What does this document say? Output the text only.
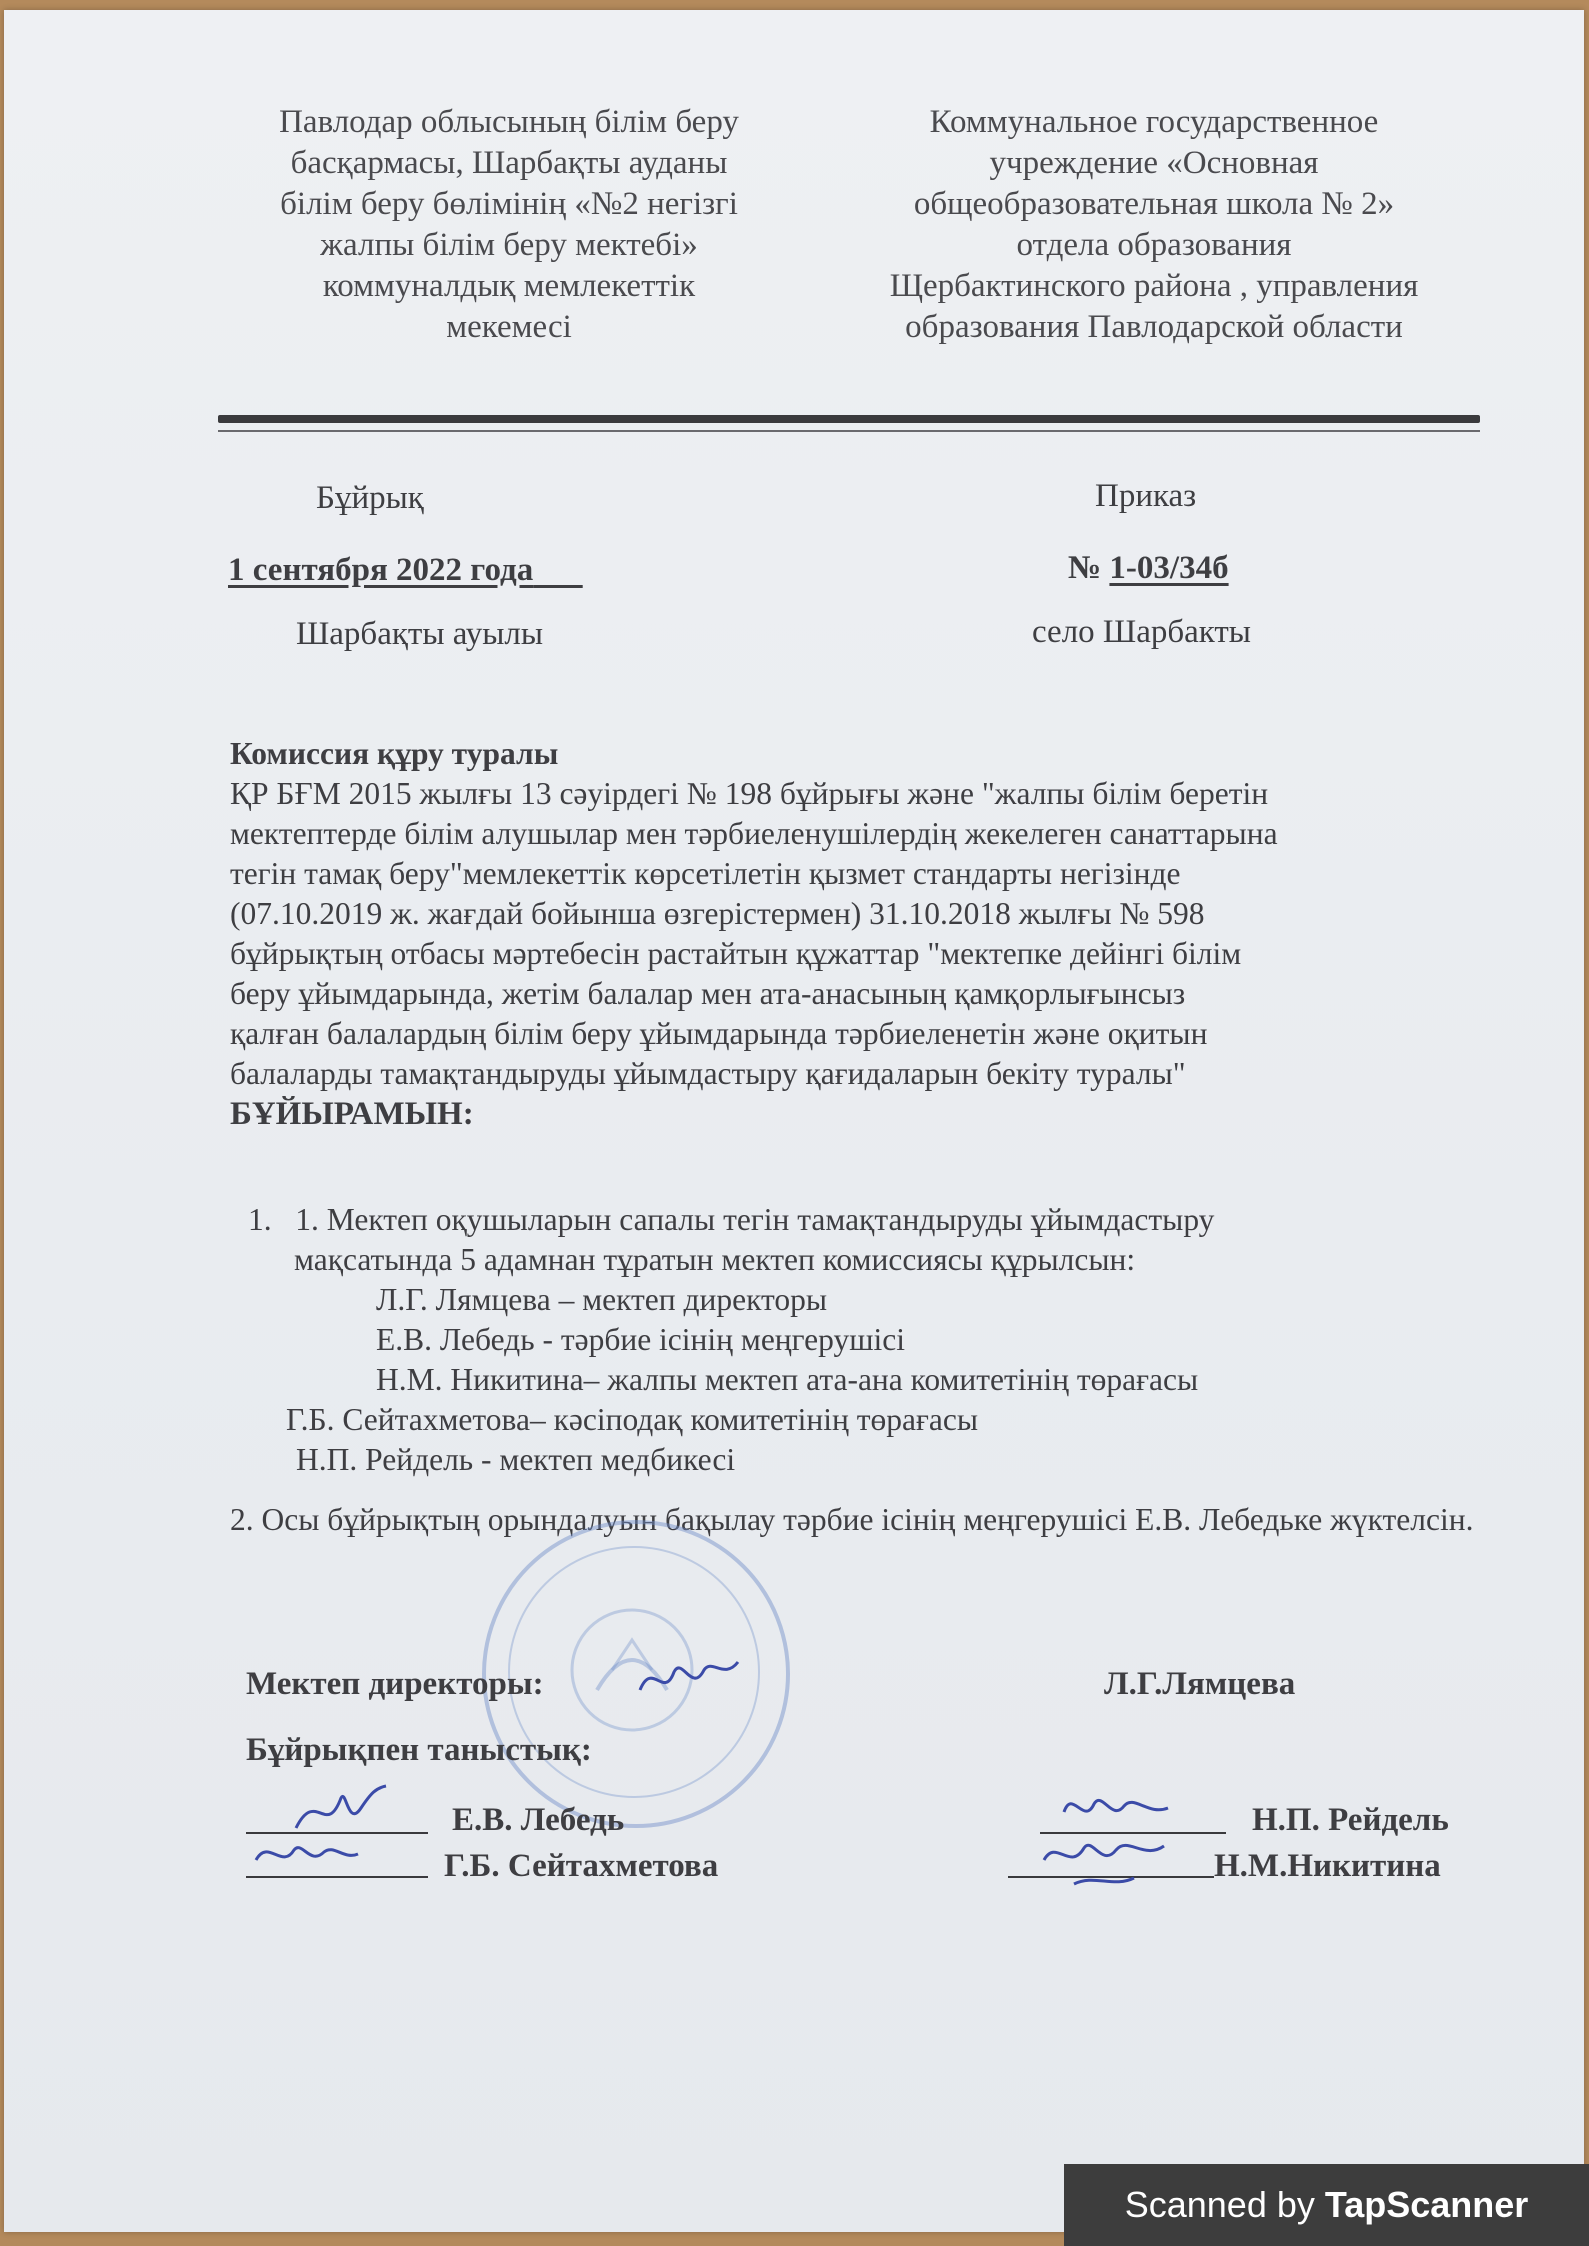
Павлодар облысының білім беру
басқармасы, Шарбақты ауданы
білім беру бөлімінің «№2 негізгі
жалпы білім беру мектебі»
коммуналдық мемлекеттік
мекемесі
Коммунальное государственное
учреждение «Основная
общеобразовательная школа № 2»
отдела образования
Щербактинского района , управления
образования Павлодарской области
Бұйрық	Приказ
1 сентября 2022 года	№ 1-03/34б
Шарбақты ауылы	село Шарбакты

Комиссия құру туралы

ҚР БҒМ 2015 жылғы 13 сәуірдегі № 198 бұйрығы және "жалпы білім беретін

мектептерде білім алушылар мен тәрбиеленушілердің жекелеген санаттарына

тегін тамақ беру"мемлекеттік көрсетілетін қызмет стандарты негізінде

(07.10.2019 ж. жағдай бойынша өзгерістермен) 31.10.2018 жылғы № 598

бұйрықтың отбасы мәртебесін растайтын құжаттар "мектепке дейінгі білім

беру ұйымдарында, жетім балалар мен ата-анасының қамқорлығынсыз

қалған балалардың білім беру ұйымдарында тәрбиеленетін және оқитын

балаларды тамақтандыруды ұйымдастыру қағидаларын бекіту туралы"

БҰЙЫРАМЫН:

1. 1. Мектеп оқушыларын сапалы тегін тамақтандыруды ұйымдастыру
мақсатында 5 адамнан тұратын мектеп комиссиясы құрылсын:
Л.Г. Лямцева – мектеп директоры
Е.В. Лебедь - тәрбие ісінің меңгерушісі
Н.М. Никитина– жалпы мектеп ата-ана комитетінің төрағасы
Г.Б. Сейтахметова– кәсіподақ комитетінің төрағасы
Н.П. Рейдель - мектеп медбикесі
2. Осы бұйрықтың орындалуын бақылау тәрбие ісінің меңгерушісі Е.В. Лебедьке жүктелсін.
Мектеп директоры:	Л.Г.Лямцева
Бұйрықпен таныстық:
Е.В. Лебедь	Н.П. Рейдель
Г.Б. Сейтахметова	Н.М.Никитина
Scanned by TapScanner
